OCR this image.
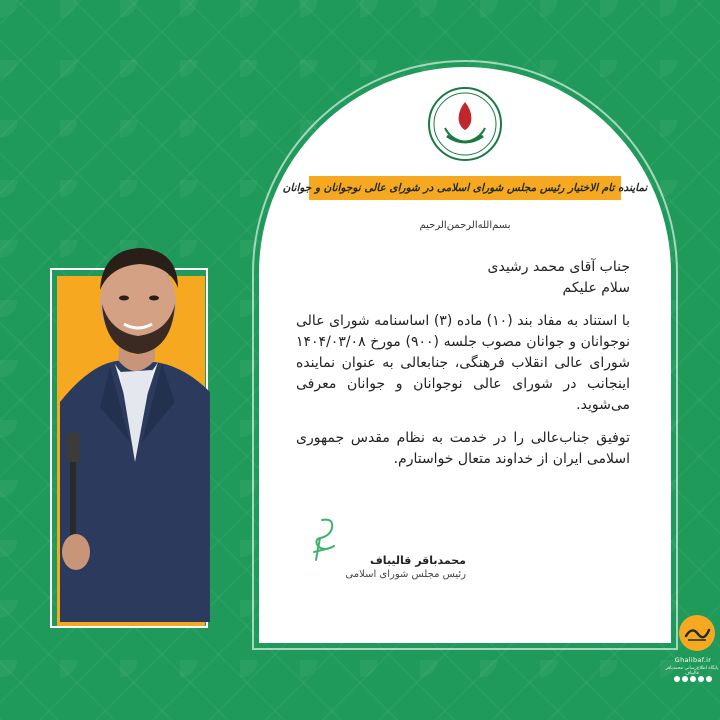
نماینده تام الاختیار رئیس مجلس شورای اسلامی در شورای عالی نوجوانان و جوانان
بسم‌الله‌الرحمن‌الرحیم

جناب آقای محمد رشیدی

سلام علیکم

با استناد به مفاد بند (۱۰) ماده (۳) اساسنامه شورای عالی نوجوانان و جوانان مصوب جلسه (۹۰۰) مورخ ۱۴۰۴/۰۳/۰۸ شورای عالی انقلاب فرهنگی، جنابعالی به عنوان نماینده اینجانب در شورای عالی نوجوانان و جوانان معرفی می‌شوید.

توفیق جناب‌عالی را در خدمت به نظام مقدس جمهوری اسلامی ایران از خداوند متعال خواستارم.

محمدباقر قالیباف
رئیس مجلس شورای اسلامی
Ghalibaf.ir
پایگاه اطلاع‌رسانی محمدباقر قالیباف
